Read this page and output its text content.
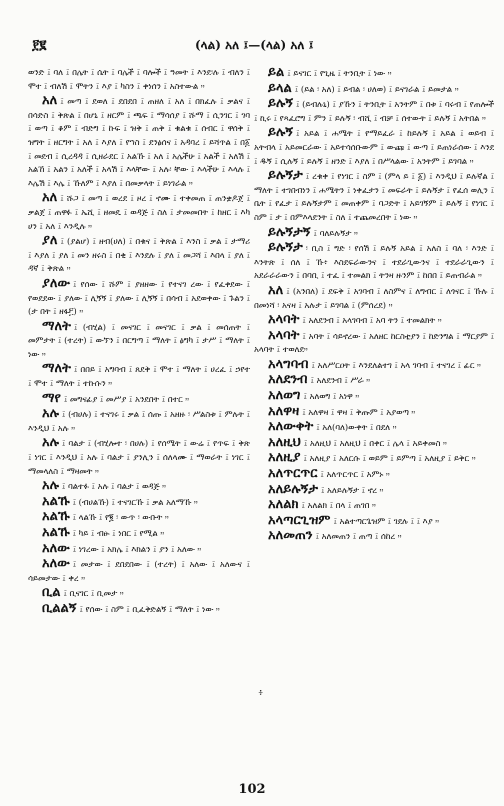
፻፪	(ላል) አለ ፤—(ላል) አለ ፤

ወንድ ፤ ባለ ፤ በሌት ፤ ሴት ፤ ባሌች ፤ ባሎች ፤ ዓመት ፤ እንደ፡ሉ ፤ ብለን ፤ ሞተ ፤ ብለሽ ፤ ሞትን ፤ እያ ፤ ካስን ፤ ቀነሰን ፤ አስተውል ።

አለ ፤ መጣ ፤ ደወለ ፤ ደበደበ ፤ ጠዘለ ፤ አለ ፤ በክፈሉ ፤ ቃልና ፤ በሳድስ ፤ ቅጽል ፤ በሆኒ ፤ ዘርም ፤ ጫፍ ፤ ማሳሰያ ፤ ሹማ ፤ ሲንገር ፤ ገባ ፤ ወጣ ፤ ቆም ፤ ብድግ ፤ ኩፍ ፤ ዝቅ ፤ ጠቅ ፤ ቁልቁ ፤ ሰብር ፤ ዋሰቅ ፤ ዝግት ፤ ዘርግት ፤ አለ ፤ እያለ ፤ የኀስ ፤ ደንፅሰና ፤ አዳባረ ፤ ይሻጥል ፤ በ፩ ፤ መደብ ፤ ሲረዳዳ ፤ ሲዘራደር ፤ አልኹ ፤ አለ ፤ አሌችሁ ፤ አልች ፤ አለሽ ፤ አልኸ ፤ አልን ፤ አለች ፤ አላሽ ፤ እላቸው ፤ አሉ፡ ቸው ፤ እላችሁ ፤ እላሉ ፤ እሌሽ ፤ እሌ ፤ ኹለም ፤ እያለ ፤ በመቃላት ፤ ይነገራል ።

አለ ፤ ሹጋ ፤ መጣ ፤ ወረደ ፤ ዞረ ፤ ኖሙ ፤ ተቀመጠ ፤ ጠንቋዶጀ ፤ ቃልጀ ፤ ጠዋፉ ፤ ኤሺ ፤ ዘመዴ ፤ ወዳጅ ፤ ስለ ፤ ታመመበት ፤ ከዘር ፤ እካ ሀን ፤ አለ ፤ እንዲሉ ።

ያለ ፤ (ያልሆ) ፤ ዘብ(ሀለ) ፤ በቁና ፤ ቅጽል ፤ እንስ ፤ ቃል ፤ ታማሪ ፤ እያለ ፤ ያለ ፤ መን ዘሩስ ፤ በቂ ፤ እንደሉ ፤ ያለ ፤ መጋሻ ፤ እበላ ፤ ያለ ፤ ዳኛ ፤ ቅጽል ።

ያለው ፤ የሰው ፤ ሹም ፤ ያዘዘው ፤ የተናገ ረው ፤ የፈቀደው ፤ የወደደው ፤ ያለው ፤ ሊኝኝ ፤ ያለው ፤ ሊኝኝ ፤ በሳብ ፤ አደወቀው ፤ ጉልን ፤ (ታ በት ፤ ዘፋ፫) ።

ማለት ፤ (ብሂል) ፤ መናገር ፤ መናገር ፤ ቃል ፤ መሰጠት ፤ መምታት ፤ (ተረት) ፤ ውኘን ፤ በርግጣ ፤ ማለት ፤ ፅግካ ፤ ታሥ ፤ ማለት ፤ ነው ።

ማለት ፤ በበይ ፤ አግባብ ፤ ጸደቅ ፤ ሞተ ፤ ማለት ፤ ሀረፈ ፤ ኃየተ ፤ ሞተ ፤ ማለት ፤ ተኩሱን ።

ማየ ፤ መግናፊያ ፤ መሥያ ፤ አንደበት ፤ በተር ።

አሉ ፤ (ብሀሉ) ፤ ተናገሩ ፤ ቃል ፤ ሰጡ ፤ አዘዙ ፡ ሥልስቱ ፤ ምሉት ፤ እንዲህ ፤ አሉ ።

አሉ ፤ ባልታ ፤ (ብሂሎተ ፡ በሀሉ) ፤ የሰሜት ፤ ውሬ ፤ የጥፍ ፤ ቅጽ ፤ ነገር ፤ እንዲህ ፤ አሉ ፤ ባልታ ፤ ያንሊን ፤ ሰለላሙ ፤ ማወራት ፤ ነገር ፤ ማመላለስ ፤ ማዛመት ።

አሉ ፤ ባልተፉ ፤ አሉ ፤ ባልታ ፤ ወዳጅ ።

አልኹ ፤ (ብሀልኹ) ፤ ተናገርኹ ፤ ቃል አለማኹ ።

አልኹ ፤ ላልኹ ፤ የ፪ ፡ ውጥ ፡ ውቡት ።

አልኹ ፤ ካይ ፤ ብፁ ፤ ነበር ፤ የሚል ።

አለው ፤ ነገረው ፤ አክሌ ፤ እክልን ፤ ያን ፤ አለው ።

አለው ፤ መታው ፤ ደበደበው ፤ (ተረት) ፤ አለው ፤ አለውና ፤ ሳይመታው ፤ ቀረ ።

ቢል ፤ ቢናገር ፤ ቢመታ ።

ቢልልኝ ፤ የሰው ፤ ስም ፤ ቢፈቅድልኝ ፤ ማለት ፤ ነው ።

ይል ፤ ይናገር ፤ የጊዜ ፤ ትንቢት ፤ ነው ።

ይላል ፤ (ይል ፡ አለ) ፤ ይብል ፡ ሀለወ) ፤ ይናገራል ፤ ይመታል ።

ይሉኝ ፤ (ይብሉኒ) ፤ ያኹን ፤ ትንቢት ፤ አንትም ፤ በቱ ፤ ባሩብ ፤ የጠሎች ፤ ኪሩ ፤ የጻፈሮግ ፤ ምን ፤ ይሉኝ ፡ ብሺ ፤ ብቻ ፤ ሰተውት ፤ ይሉኝ ፤ አትበል ።

ይሉኝ ፤ አይል ፤ ሐሜት ፤ የማይፈራ ፤ ከይሉኝ ፤ አይል ፤ ወይብ ፤ አትብላ ፤ አይመርራው ፤ አይተሳሰቡውም ፤ ውጩ ፤ ውጣ ፤ ይጠነራሰው ፤ እንደ ፤ ዱኝ ፤ ሲሉኝ ፤ ይሉኝ ፤ ዘንድ ፤ እያለ ፤ በሥላልው ፤ አንትም ፤ ይገባል ።

ይሉኝታ ፤ ረቁቀ ፤ የነገር ፤ ስም ፤ (ምላ ይ ፤ ፩) ፤ እንዲህ ፤ ይሉኛል ፤ ማለት ፤ ተገበብነን ፤ ሐሜትን ፤ ነቀፈታን ፤ መፍራት ፤ ይሉኝታ ፤ የፈሰ ወሊን ፤ ቤት ፤ የፈታ ፤ ይሉኝታም ፤ መጠቀም ፤ ባጋድት ፤ አይገኝም ፤ ይሉኝ ፤ የነገር ፤ ስም ፤ ታ ፤ በምእላደንት ፤ ስለ ፤ ተጨመረበት ፤ ነው ።

ይሉኝታኝ ፤ ባለይሉኝታ ።

ይሉኝታ ፡ ቢስ ፤ ግድ ፡ የሰሽ ፤ ይሉኝ አይል ፤ አለስ ፤ ባለ ፡ እንድ ፤ እንትጽ ፤ ሰለ ፤ ኹ፥ እስደፍራውንና ፤ ተደራጊውንና ፤ ተደራራጊውን ፤ አደራራራውን ፤ በባቢ ፤ ተፈ ፤ ተመልክ ፤ ትንዛ ዙንም ፤ ከበበ ፤ ይጠብራል ።

አለ ፤ (አንበለ) ፤ ደፍቅ ፤ አገባብ ፤ ለስምና ፤ ለግብር ፤ ለጎናር ፤ ኹሉ ፤ በመነሻ ፡ አናዛ ፤ አሉታ ፤ ይገባል ፤ (ምሰረደ) ።

አላባት ፤ አለደንብ ፤ አላገባብ ፤ አባ ትን ፤ ተመልክት ።

አላባት ፤ አባት ፤ ሳይኖረው ፤ አለዘር ከርስቲያን ፤ ከድንግል ፤ ማርያም ፤ አላባት ፤ ተወለደ።

አላግባብ ፤ አለሥርዐት ፤ እንደለልተገ ፤ አላ ገባብ ፤ ተናገረ ፤ ፊር ።

አለደንብ ፤ አለደንብ ፤ ሥራ ።

አለወግ ፤ አለወግ ፤ አነዋ ።

አለዋዛ ፤ አለዋዛ ፤ ዋዛ ፤ ቅጡም ፤ አያወጣ ።

አለውቀት ፤ አለ(ባለ)ውቀት ፤ በደለ ።

አለዚህ ፤ አለዚህ ፤ አለዚህ ፤ በቀር ፤ ሌላ ፤ አይቀመስ ።

አለዚያ ፤ አለዚያ ፤ አለርሱ ፤ ወይም ፤ ይምጣ ፤ አለዚያ ፤ ይቅር ።

አለጥርጥር ፤ አለጥርጥር ፤ አምኑ ።

አለይሉኝታ ፤ አለይሉኝታ ፤ ኖረ ።

አለልክ ፤ አለልክ ፤ በላ ፤ ጠገበ ።

አላጣርጊዝም ፤ አልተጣርጌዝም ፤ ገደሉ ፤ ፤ እያ ።

አለመጠን ፤ አለመጠን ፤ ጠጣ ፤ ሰከረ ።

፥
102
